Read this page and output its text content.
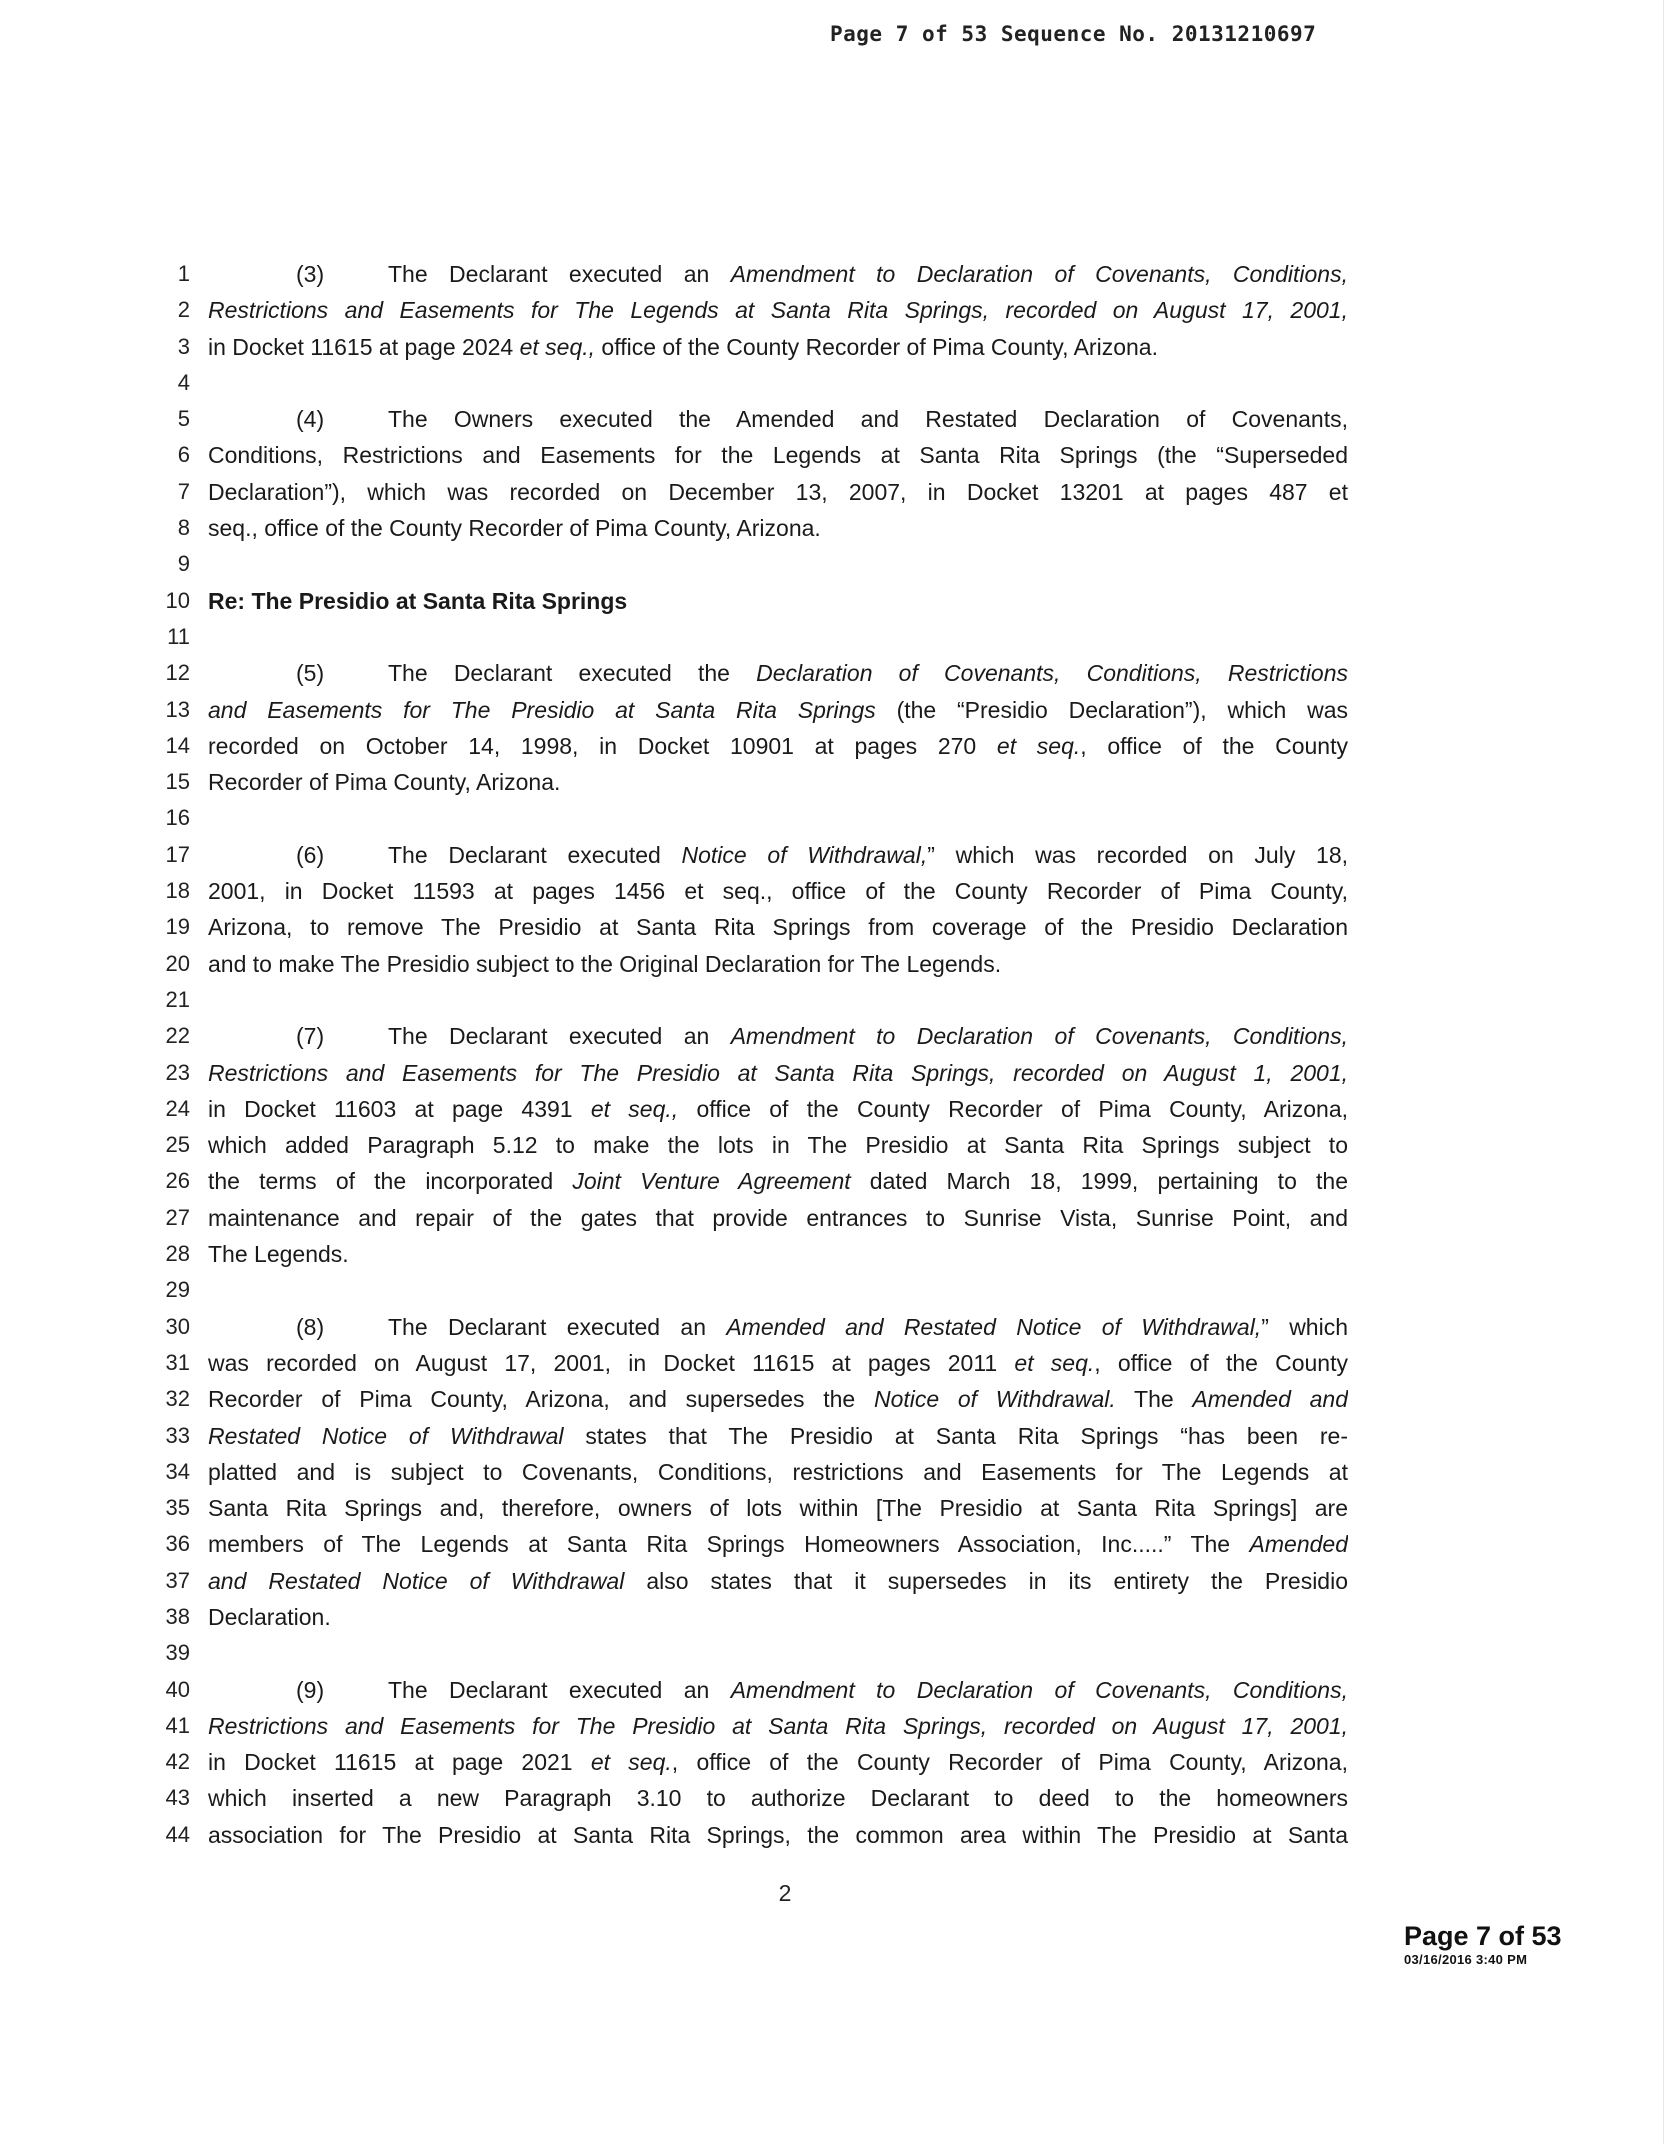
Page 7 of 53 Sequence No. 20131210697
1
2
3
4
5
6
7
8
9
10
11
12
13
14
15
16
17
18
19
20
21
22
23
24
25
26
27
28
29
30
31
32
33
34
35
36
37
38
39
40
41
42
43
44
(3)	The Declarant executed an Amendment to Declaration of Covenants, Conditions,
Restrictions and Easements for The Legends at Santa Rita Springs, recorded on August 17, 2001,
in Docket 11615 at page 2024 et seq., office of the County Recorder of Pima County, Arizona.
(4)	The Owners executed the Amended and Restated Declaration of Covenants,
Conditions, Restrictions and Easements for the Legends at Santa Rita Springs (the “Superseded
Declaration”), which was recorded on December 13, 2007, in Docket 13201 at pages 487 et
seq., office of the County Recorder of Pima County, Arizona.
Re: The Presidio at Santa Rita Springs
(5)	The Declarant executed the Declaration of Covenants, Conditions, Restrictions
and Easements for The Presidio at Santa Rita Springs (the “Presidio Declaration”), which was
recorded on October 14, 1998, in Docket 10901 at pages 270 et seq., office of the County
Recorder of Pima County, Arizona.
(6)	The Declarant executed Notice of Withdrawal,” which was recorded on July 18,
2001, in Docket 11593 at pages 1456 et seq., office of the County Recorder of Pima County,
Arizona, to remove The Presidio at Santa Rita Springs from coverage of the Presidio Declaration
and to make The Presidio subject to the Original Declaration for The Legends.
(7)	The Declarant executed an Amendment to Declaration of Covenants, Conditions,
Restrictions and Easements for The Presidio at Santa Rita Springs, recorded on August 1, 2001,
in Docket 11603 at page 4391 et seq., office of the County Recorder of Pima County, Arizona,
which added Paragraph 5.12 to make the lots in The Presidio at Santa Rita Springs subject to
the terms of the incorporated Joint Venture Agreement dated March 18, 1999, pertaining to the
maintenance and repair of the gates that provide entrances to Sunrise Vista, Sunrise Point, and
The Legends.
(8)	The Declarant executed an Amended and Restated Notice of Withdrawal,” which
was recorded on August 17, 2001, in Docket 11615 at pages 2011 et seq., office of the County
Recorder of Pima County, Arizona, and supersedes the Notice of Withdrawal. The Amended and
Restated Notice of Withdrawal states that The Presidio at Santa Rita Springs “has been re-
platted and is subject to Covenants, Conditions, restrictions and Easements for The Legends at
Santa Rita Springs and, therefore, owners of lots within [The Presidio at Santa Rita Springs] are
members of The Legends at Santa Rita Springs Homeowners Association, Inc.....” The Amended
and Restated Notice of Withdrawal also states that it supersedes in its entirety the Presidio
Declaration.
(9)	The Declarant executed an Amendment to Declaration of Covenants, Conditions,
Restrictions and Easements for The Presidio at Santa Rita Springs, recorded on August 17, 2001,
in Docket 11615 at page 2021 et seq., office of the County Recorder of Pima County, Arizona,
which inserted a new Paragraph 3.10 to authorize Declarant to deed to the homeowners
association for The Presidio at Santa Rita Springs, the common area within The Presidio at Santa
2
Page 7 of 53
03/16/2016 3:40 PM
